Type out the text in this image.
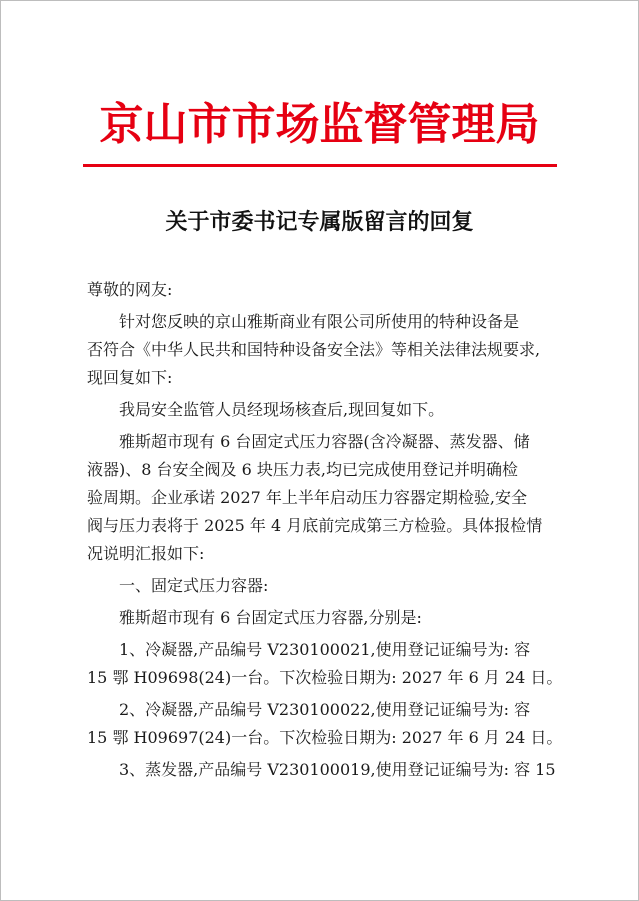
京山市市场监督管理局
关于市委书记专属版留言的回复
尊敬的网友:
针对您反映的京山雅斯商业有限公司所使用的特种设备是
否符合《中华人民共和国特种设备安全法》等相关法律法规要求,
现回复如下:
我局安全监管人员经现场核查后,现回复如下。
雅斯超市现有 6 台固定式压力容器(含冷凝器、蒸发器、储
液器)、8 台安全阀及 6 块压力表,均已完成使用登记并明确检
验周期。企业承诺 2027 年上半年启动压力容器定期检验,安全
阀与压力表将于 2025 年 4 月底前完成第三方检验。具体报检情
况说明汇报如下:
一、固定式压力容器:
雅斯超市现有 6 台固定式压力容器,分别是:
1、冷凝器,产品编号 V230100021,使用登记证编号为: 容
15 鄂 H09698(24)一台。下次检验日期为: 2027 年 6 月 24 日。
2、冷凝器,产品编号 V230100022,使用登记证编号为: 容
15 鄂 H09697(24)一台。下次检验日期为: 2027 年 6 月 24 日。
3、蒸发器,产品编号 V230100019,使用登记证编号为: 容 15
